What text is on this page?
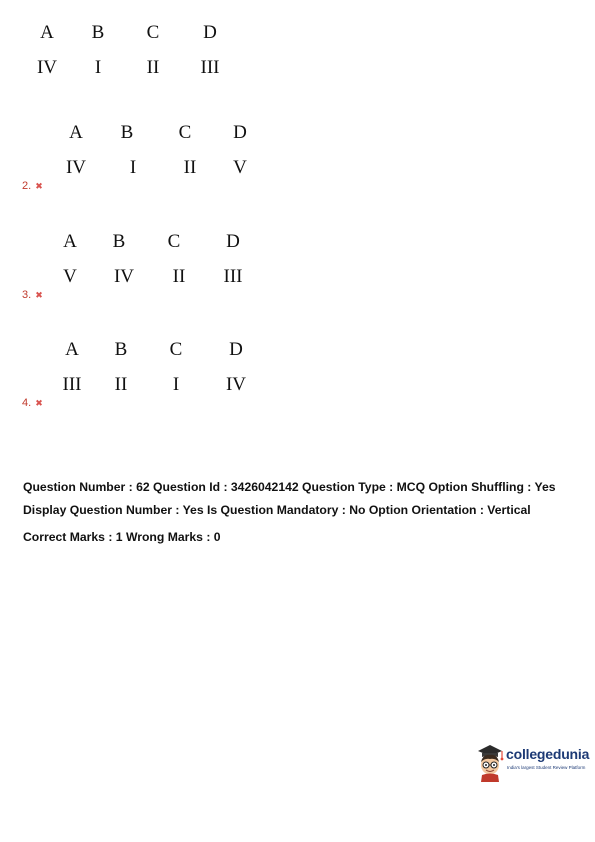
A B C D
IV I II III
A B C D
IV I	II V
2. ✖
A B C D
V IV II III
3. ✖
A B C D
III II I IV
4. ✖
Question Number : 62 Question Id : 3426042142 Question Type : MCQ Option Shuffling : Yes
Display Question Number : Yes Is Question Mandatory : No Option Orientation : Vertical
Correct Marks : 1 Wrong Marks : 0
collegedunia
India's largest Student Review Platform
